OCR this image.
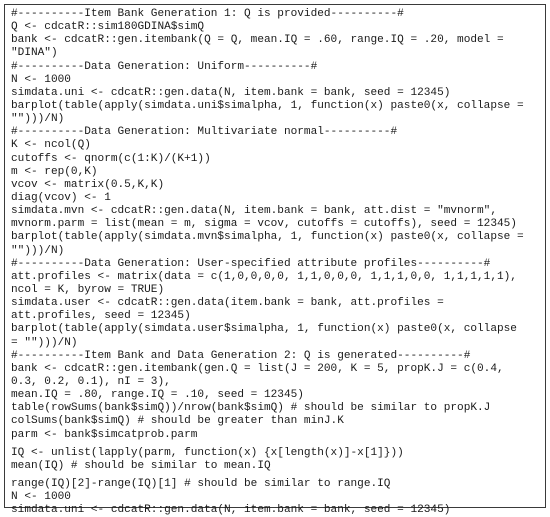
#----------Item Bank Generation 1: Q is provided----------#
Q <- cdcatR::sim180GDINA$simQ
bank <- cdcatR::gen.itembank(Q = Q, mean.IQ = .60, range.IQ = .20, model =
"DINA")
#----------Data Generation: Uniform----------#
N <- 1000
simdata.uni <- cdcatR::gen.data(N, item.bank = bank, seed = 12345)
barplot(table(apply(simdata.uni$simalpha, 1, function(x) paste0(x, collapse =
"")))/N)
#----------Data Generation: Multivariate normal----------#
K <- ncol(Q)
cutoffs <- qnorm(c(1:K)/(K+1))
m <- rep(0,K)
vcov <- matrix(0.5,K,K)
diag(vcov) <- 1
simdata.mvn <- cdcatR::gen.data(N, item.bank = bank, att.dist = "mvnorm",
mvnorm.parm = list(mean = m, sigma = vcov, cutoffs = cutoffs), seed = 12345)
barplot(table(apply(simdata.mvn$simalpha, 1, function(x) paste0(x, collapse =
"")))/N)
#----------Data Generation: User-specified attribute profiles----------#
att.profiles <- matrix(data = c(1,0,0,0,0, 1,1,0,0,0, 1,1,1,0,0, 1,1,1,1,1),
ncol = K, byrow = TRUE)
simdata.user <- cdcatR::gen.data(item.bank = bank, att.profiles =
att.profiles, seed = 12345)
barplot(table(apply(simdata.user$simalpha, 1, function(x) paste0(x, collapse
= "")))/N)
#----------Item Bank and Data Generation 2: Q is generated----------#
bank <- cdcatR::gen.itembank(gen.Q = list(J = 200, K = 5, propK.J = c(0.4,
0.3, 0.2, 0.1), nI = 3),
mean.IQ = .80, range.IQ = .10, seed = 12345)
table(rowSums(bank$simQ))/nrow(bank$simQ) # should be similar to propK.J
colSums(bank$simQ) # should be greater than minJ.K
parm <- bank$simcatprob.parm
IQ <- unlist(lapply(parm, function(x) {x[length(x)]-x[1]}))
mean(IQ) # should be similar to mean.IQ
range(IQ)[2]-range(IQ)[1] # should be similar to range.IQ
N <- 1000
simdata.uni <- cdcatR::gen.data(N, item.bank = bank, seed = 12345)
